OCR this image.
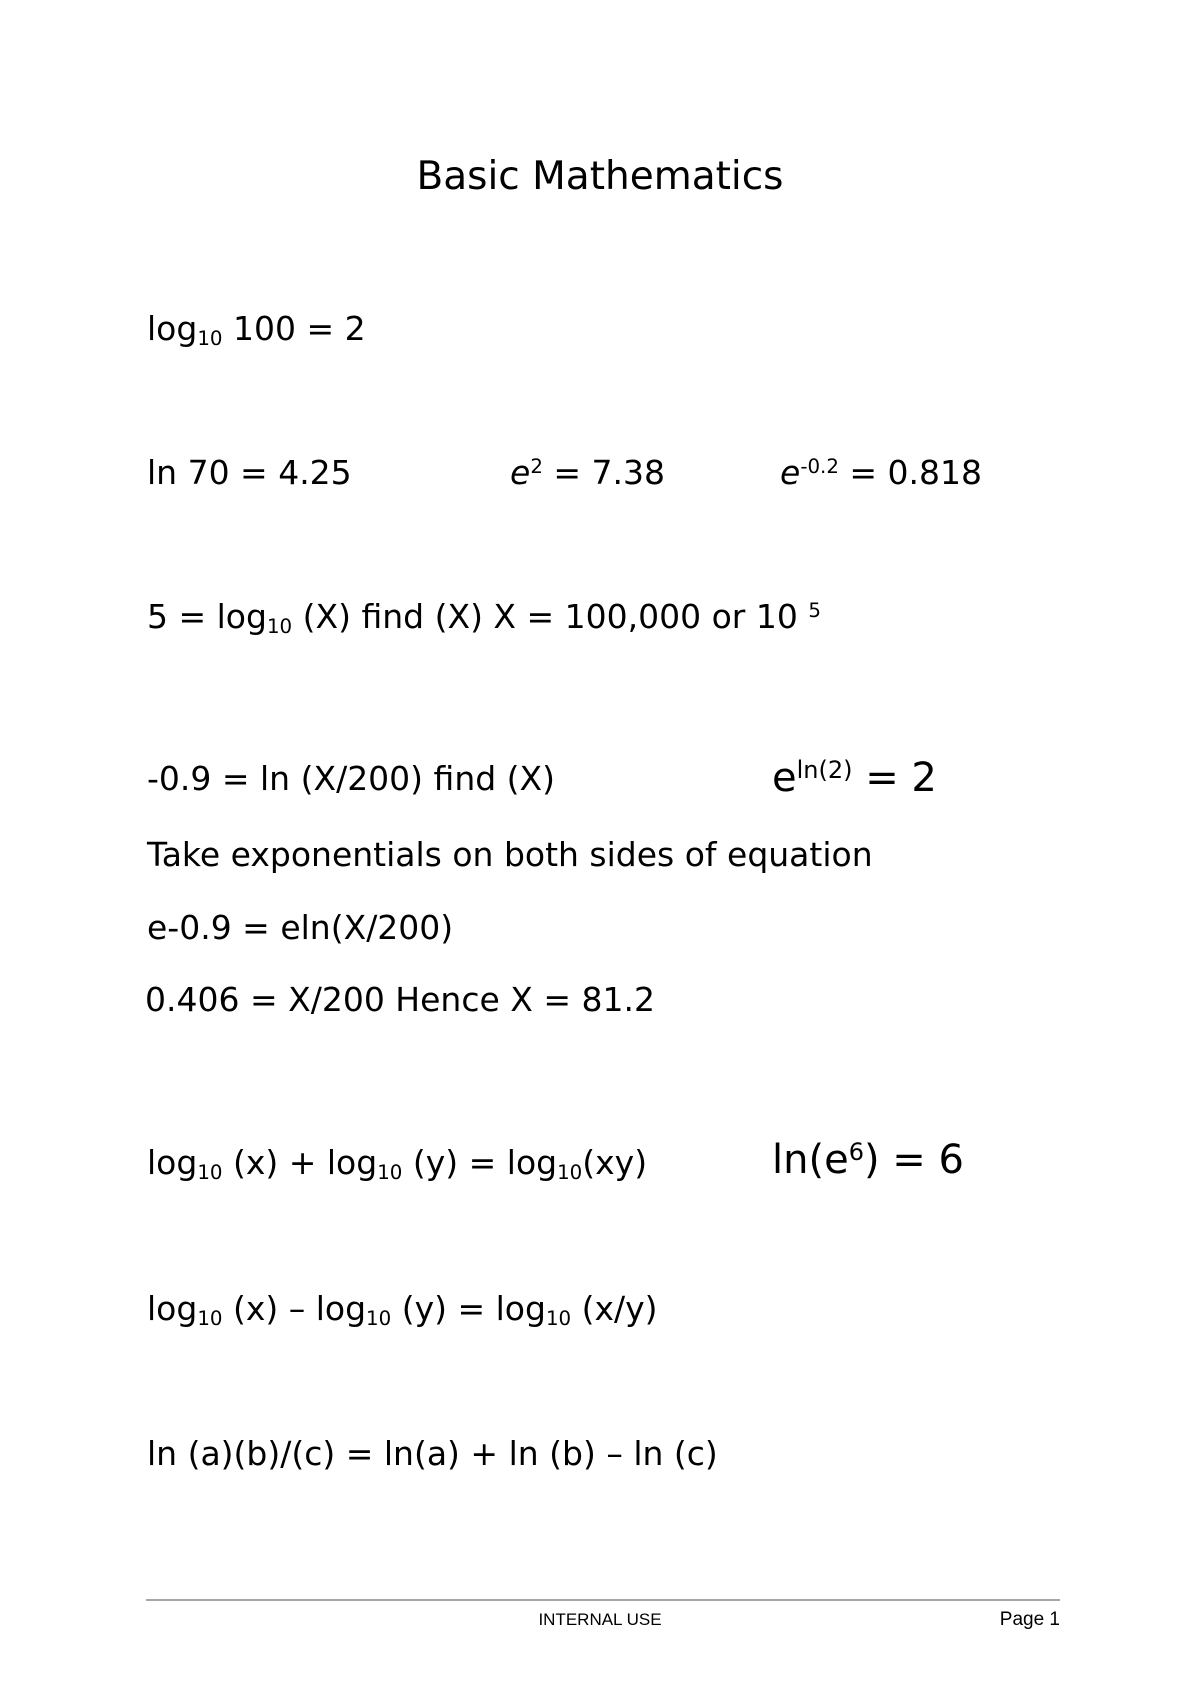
Basic Mathematics
$\log_{10} 100 = 2$
ln 70 = 4.25	$e^2 = 7.38$	$e^{-0.2} = 0.818$
$5 = \log_{10} (X)$ find (X) X = 100,000 or 10 $^5$
-0.9 = ln (X/200) find (X)	$e^{ln(2)} = 2$
Take exponentials on both sides of equation
e-0.9 = eln(X/200)
0.406 = X/200 Hence X = 81.2
$\log_{10} (x) + \log_{10} (y) = \log_{10}(xy)$	$\ln(e^6) = 6$
$\log_{10} (x) - \log_{10} (y) = \log_{10} (x/y)$
ln (a)(b)/(c) = ln(a) + ln (b) – ln (c)
INTERNAL USE	Page 1
